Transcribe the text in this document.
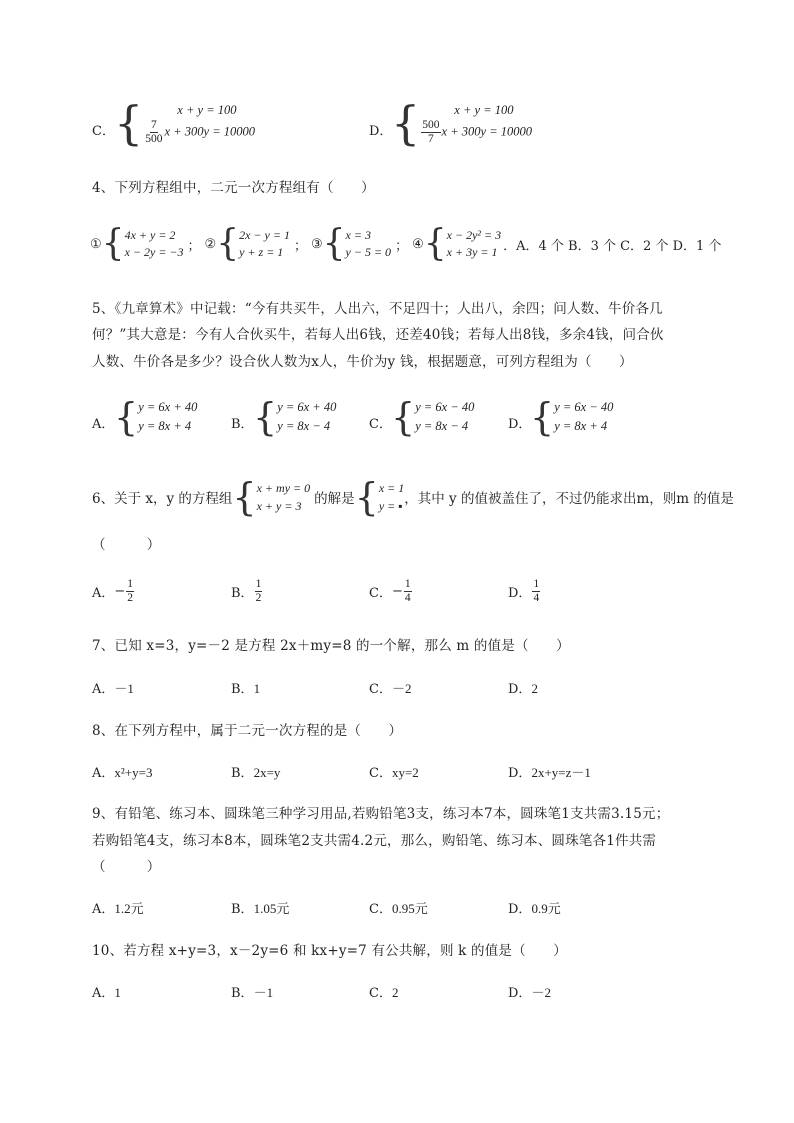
C． {	x + y = 100
$\frac{7}{500}$ x + 300y = 10000	D．
{	x + y = 100
$\frac{500}{7}$ x + 300y = 10000
4、下列方程组中，二元一次方程组有（　　）
① { 4x + y = 2
x − 2y = −3 ； ② { 2x − y = 1
y + z = 1 ； ③ { x = 3
y − 5 = 0 ； ④ { x − 2y² = 3
x + 3y = 1 ．A．4 个 B．3 个 C．2 个 D．1 个
5、《九章算术》中记载：“今有共买牛，人出六，不足四十；人出八，余四；问人数、牛价各几
何？”其大意是：今有人合伙买牛，若每人出6钱，还差40钱；若每人出8钱，多余4钱，问合伙
人数、牛价各是多少？设合伙人数为x人，牛价为y 钱，根据题意，可列方程组为（　　）
A． { y = 6x + 40
y = 8x + 4	B． { y = 6x + 40
y = 8x − 4	C． { y = 6x − 40
y = 8x − 4	D．
{ y = 6x − 40
y = 8x + 4
6、关于 x，y 的方程组 { x + my = 0
x + y = 3 的解是 { x = 1
y = ▪ ，其中 y 的值被盖住了，不过仍能求出m，则m 的值是
（　　　）
A． − $\frac{1}{2}$	B． $\frac{1}{2}$	C． − $\frac{1}{4}$	D． $\frac{1}{4}$
7、已知 x=3，y=－2 是方程 2x＋my=8 的一个解，那么 m 的值是（　　）
A．－1	B．1	C．－2	D．2
8、在下列方程中，属于二元一次方程的是（　　）
A．x²+y=3	B．2x=y	C．xy=2	D．2x+y=z－1
9、有铅笔、练习本、圆珠笔三种学习用品,若购铅笔3支，练习本7本，圆珠笔1支共需3.15元；
若购铅笔4支，练习本8本，圆珠笔2支共需4.2元，那么，购铅笔、练习本、圆珠笔各1件共需
（　　　）
A．1.2元	B．1.05元	C．0.95元	D．0.9元
10、若方程 x+y=3，x－2y=6 和 kx+y=7 有公共解，则 k 的值是（　　）
A．1	B．－1	C．2	D．－2
